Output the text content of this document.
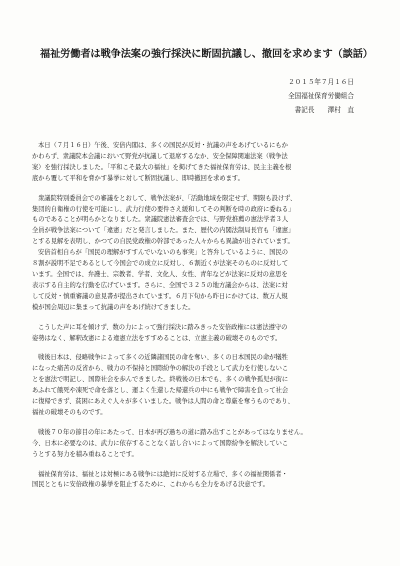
福祉労働者は戦争法案の強行採決に断固抗議し、撤回を求めます（談話）
２０１５年７月１６日
全国福祉保育労働組合
書記長　　澤村　直
本日（７月１６日）午後、安倍内閣は、多くの国民が反対・抗議の声をあげているにもか
かわらず、衆議院本会議において野党が抗議して退席するなか、安全保障関連法案（戦争法
案）を強行採決しました。「平和こそ最大の福祉」を掲げてきた福祉保育労は、民主主義を根
底から覆して平和を脅かす暴挙に対して断固抗議し、即時撤回を求めます。
衆議院特別委員会での審議をとおして、戦争法案が、「活動地域を限定せず、期限も設けず、
集団的自衛権の行使を可能にし、武力行使の要件さえ緩和してその判断を時の政府に委ねる」
ものであることが明らかとなりました。衆議院憲法審査会では、与野党推薦の憲法学者３人
全員が戦争法案について「違憲」だと発言しました。また、歴代の内閣法制局長官も「違憲」
とする見解を表明し、かつての自民党政権の幹部であった人々からも異論が出されています。
安倍首相自らが「国民の理解がすすんでいないのも事実」と答弁しているように、国民の
８割が説明不足であるとして今国会での成立に反対し、６割近くが法案そのものに反対して
います。全国では、弁護士、宗教者、学者、文化人、女性、青年などが法案に反対の意思を
表示する自主的な行動を広げています。さらに、全国で３２５の地方議会からは、法案に対
して反対・慎重審議の意見書が提出されています。６月下旬から昨日にかけては、数万人規
模が国会周辺に集まって抗議の声をあげ続けてきました。
こうした声に耳を傾けず、数の力によって強行採決に踏みきった安倍政権には憲法遵守の
姿勢はなく、解釈改憲による違憲立法をすすめることは、立憲主義の破壊そのものです。
戦後日本は、侵略戦争によって多くの近隣諸国民の命を奪い、多くの日本国民の命が犠牲
になった痛苦の反省から、戦力の不保持と国際紛争の解決の手段として武力を行使しないこ
とを憲法で明記し、国際社会を歩んできました。終戦後の日本でも、多くの戦争孤児が街に
あふれて餓死や凍死で命を落とし、運よく生還した帰還兵の中にも戦争で障害を負って社会
に復帰できず、貧困にあえぐ人々が多くいました。戦争は人間の命と尊厳を奪うものであり、
福祉の破壊そのものです。
戦後７０年の節目の年にあたって、日本が再び過ちの道に踏み出すことがあってはなりません。
今、日本に必要なのは、武力に依存することなく話し合いによって国際紛争を解決していこ
うとする努力を積み重ねることです。
福祉保育労は、福祉とは対極にある戦争には絶対に反対する立場で、多くの福祉関係者・
国民とともに安倍政権の暴挙を阻止するために、これからも全力をあげる決意です。
